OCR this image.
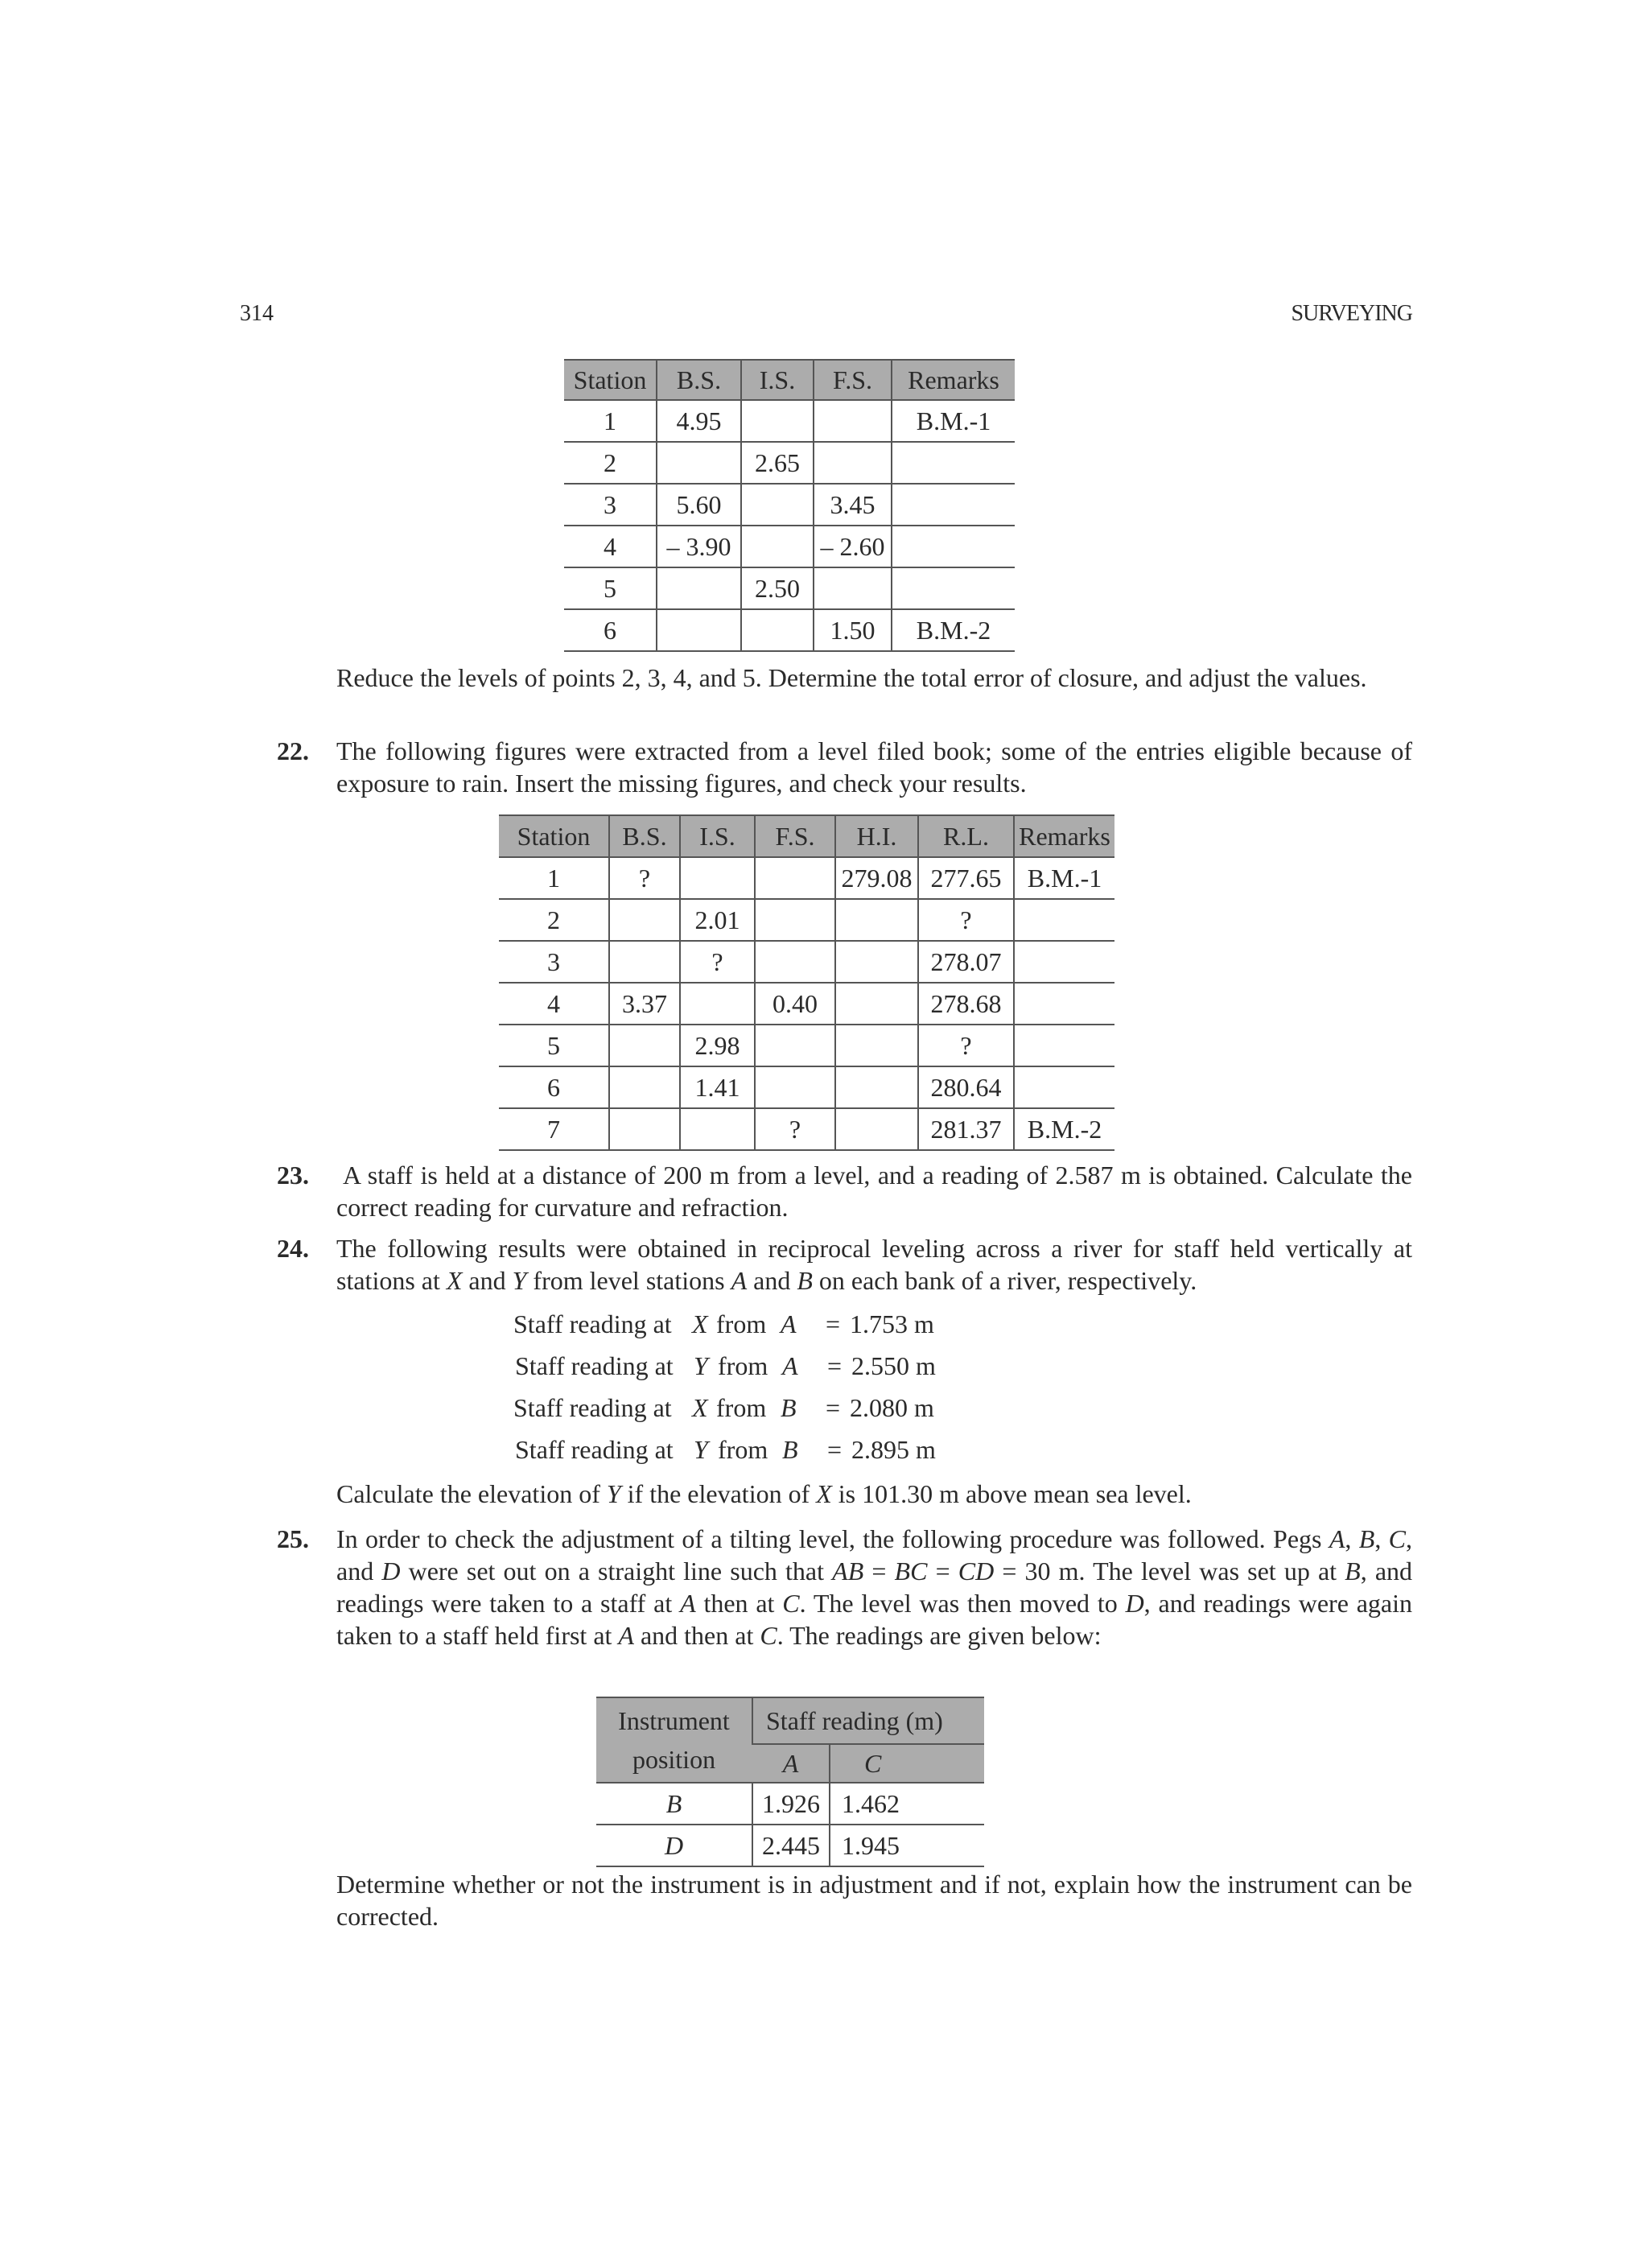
314	SURVEYING
Station	B.S.	I.S.	F.S.	Remarks
1	4.95			B.M.-1
2		2.65		
3	5.60		3.45	
4	– 3.90		– 2.60	
5		2.50		
6			1.50	B.M.-2
Reduce the levels of points 2, 3, 4, and 5. Determine the total error of closure, and adjust the values.
22. The following figures were extracted from a level filed book; some of the entries eligible because of exposure to rain. Insert the missing figures, and check your results.
Station	B.S.	I.S.	F.S.	H.I.	R.L.	Remarks
1	?			279.08	277.65	B.M.-1
2		2.01			?	
3		?			278.07	
4	3.37		0.40		278.68	
5		2.98			?	
6		1.41			280.64	
7			?		281.37	B.M.-2
23. A staff is held at a distance of 200 m from a level, and a reading of 2.587 m is obtained. Calculate the correct reading for curvature and refraction.
24. The following results were obtained in reciprocal leveling across a river for staff held vertically at stations at X and Y from level stations A and B on each bank of a river, respectively.
Staff reading at X from A = 1.753 m
Staff reading at Y from A = 2.550 m
Staff reading at X from B = 2.080 m
Staff reading at Y from B = 2.895 m
Calculate the elevation of Y if the elevation of X is 101.30 m above mean sea level.
25. In order to check the adjustment of a tilting level, the following procedure was followed. Pegs A, B, C, and D were set out on a straight line such that AB = BC = CD = 30 m. The level was set up at B, and readings were taken to a staff at A then at C. The level was then moved to D, and readings were again taken to a staff held first at A and then at C. The readings are given below:
Instrument position	Staff reading (m)	
	A	C
B	1.926	1.462
D	2.445	1.945
Determine whether or not the instrument is in adjustment and if not, explain how the instrument can be corrected.
